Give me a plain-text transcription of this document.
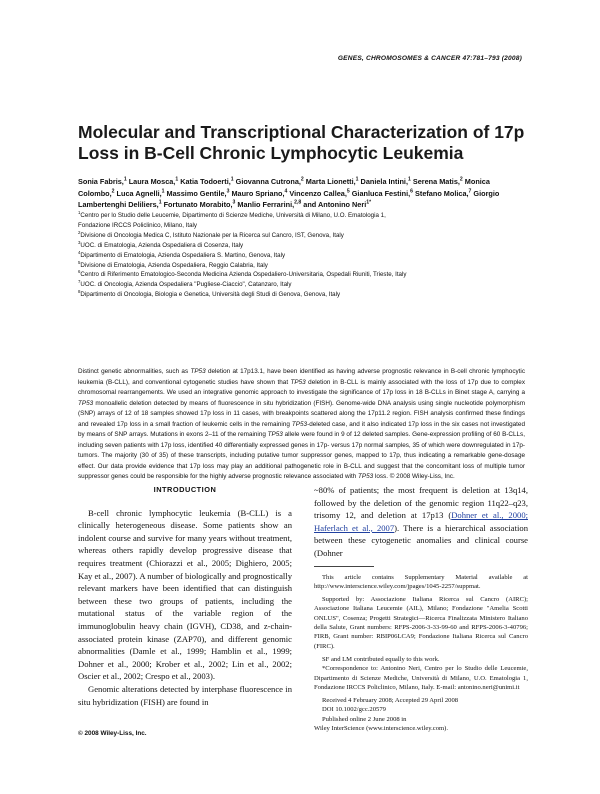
GENES, CHROMOSOMES & CANCER 47:781–793 (2008)
Molecular and Transcriptional Characterization of 17p Loss in B-Cell Chronic Lymphocytic Leukemia
Sonia Fabris,$^1$ Laura Mosca,$^1$ Katia Todoerti,$^1$ Giovanna Cutrona,$^2$ Marta Lionetti,$^1$ Daniela Intini,$^1$ Serena Matis,$^2$ Monica Colombo,$^2$ Luca Agnelli,$^1$ Massimo Gentile,$^3$ Mauro Spriano,$^4$ Vincenzo Callea,$^5$ Gianluca Festini,$^6$ Stefano Molica,$^7$ Giorgio Lambertenghi Deliliers,$^1$ Fortunato Morabito,$^3$ Manlio Ferrarini,$^{2,8}$ and Antonino Neri$^{1*}$
$^1$Centro per lo Studio delle Leucemie, Dipartimento di Scienze Mediche, Università di Milano, U.O. Ematologia 1,
Fondazione IRCCS Policlinico, Milano, Italy
$^2$Divisione di Oncologia Medica C, Istituto Nazionale per la Ricerca sul Cancro, IST, Genova, Italy
$^3$UOC. di Ematologia, Azienda Ospedaliera di Cosenza, Italy
$^4$Dipartimento di Ematologia, Azienda Ospedaliera S. Martino, Genova, Italy
$^5$Divisione di Ematologia, Azienda Ospedaliera, Reggio Calabria, Italy
$^6$Centro di Riferimento Ematologico-Seconda Medicina Azienda Ospedaliero-Universitaria, Ospedali Riuniti, Trieste, Italy
$^7$UOC. di Oncologia, Azienda Ospedaliera "Pugliese-Ciaccio", Catanzaro, Italy
$^8$Dipartimento di Oncologia, Biologia e Genetica, Università degli Studi di Genova, Genova, Italy

Distinct genetic abnormalities, such as TP53 deletion at 17p13.1, have been identified as having adverse prognostic relevance in B-cell chronic lymphocytic leukemia (B-CLL), and conventional cytogenetic studies have shown that TP53 deletion in B-CLL is mainly associated with the loss of 17p due to complex chromosomal rearrangements. We used an integrative genomic approach to investigate the significance of 17p loss in 18 B-CLLs in Binet stage A, carrying a TP53 monoallelic deletion detected by means of fluorescence in situ hybridization (FISH). Genome-wide DNA analysis using single nucleotide polymorphism (SNP) arrays of 12 of 18 samples showed 17p loss in 11 cases, with breakpoints scattered along the 17p11.2 region. FISH analysis confirmed these findings and revealed 17p loss in a small fraction of leukemic cells in the remaining TP53-deleted case, and it also indicated 17p loss in the six cases not investigated by means of SNP arrays. Mutations in exons 2–11 of the remaining TP53 allele were found in 9 of 12 deleted samples. Gene-expression profiling of 60 B-CLLs, including seven patients with 17p loss, identified 40 differentially expressed genes in 17p- versus 17p normal samples, 35 of which were downregulated in 17p- tumors. The majority (30 of 35) of these transcripts, including putative tumor suppressor genes, mapped to 17p, thus indicating a remarkable gene-dosage effect. Our data provide evidence that 17p loss may play an additional pathogenetic role in B-CLL and suggest that the concomitant loss of multiple tumor suppressor genes could be responsible for the highly adverse prognostic relevance associated with TP53 loss. © 2008 Wiley-Liss, Inc.

INTRODUCTION

B-cell chronic lymphocytic leukemia (B-CLL) is a clinically heterogeneous disease. Some patients show an indolent course and survive for many years without treatment, whereas others rapidly develop progressive disease that requires treatment (Chiorazzi et al., 2005; Dighiero, 2005; Kay et al., 2007). A number of biologically and prognostically relevant markers have been identified that can distinguish between these two groups of patients, including the mutational status of the variable region of the immunoglobulin heavy chain (IGVH), CD38, and z-chain-associated protein kinase (ZAP70), and different genomic abnormalities (Damle et al., 1999; Hamblin et al., 1999; Dohner et al., 2000; Krober et al., 2002; Lin et al., 2002; Oscier et al., 2002; Crespo et al., 2003).

Genomic alterations detected by interphase fluorescence in situ hybridization (FISH) are found in

~80% of patients; the most frequent is deletion at 13q14, followed by the deletion of the genomic region 11q22–q23, trisomy 12, and deletion at 17p13 (Dohner et al., 2000; Haferlach et al., 2007). There is a hierarchical association between these cytogenetic anomalies and clinical course (Dohner

This article contains Supplementary Material available at http://www.interscience.wiley.com/jpages/1045-2257/suppmat.

Supported by: Associazione Italiana Ricerca sul Cancro (AIRC); Associazione Italiana Leucemie (AIL), Milano; Fondazione "Amelia Scotti ONLUS", Cosenza; Progetti Strategici—Ricerca Finalizzata Ministero Italiano della Salute, Grant numbers: RFPS-2006-3-33-99-60 and RFPS-2006-3-40796; FIRB, Grant number: RBIP06LCA9; Fondazione Italiana Ricerca sul Cancro (FIRC).

SF and LM contributed equally to this work.

*Correspondence to: Antonino Neri, Centro per lo Studio delle Leucemie, Dipartimento di Scienze Mediche, Università di Milano, U.O. Ematologia 1, Fondazione IRCCS Policlinico, Milano, Italy. E-mail: antonino.neri@unimi.it

Received 4 February 2008; Accepted 29 April 2008

DOI 10.1002/gcc.20579

Published online 2 June 2008 in

Wiley InterScience (www.interscience.wiley.com).

© 2008 Wiley-Liss, Inc.
